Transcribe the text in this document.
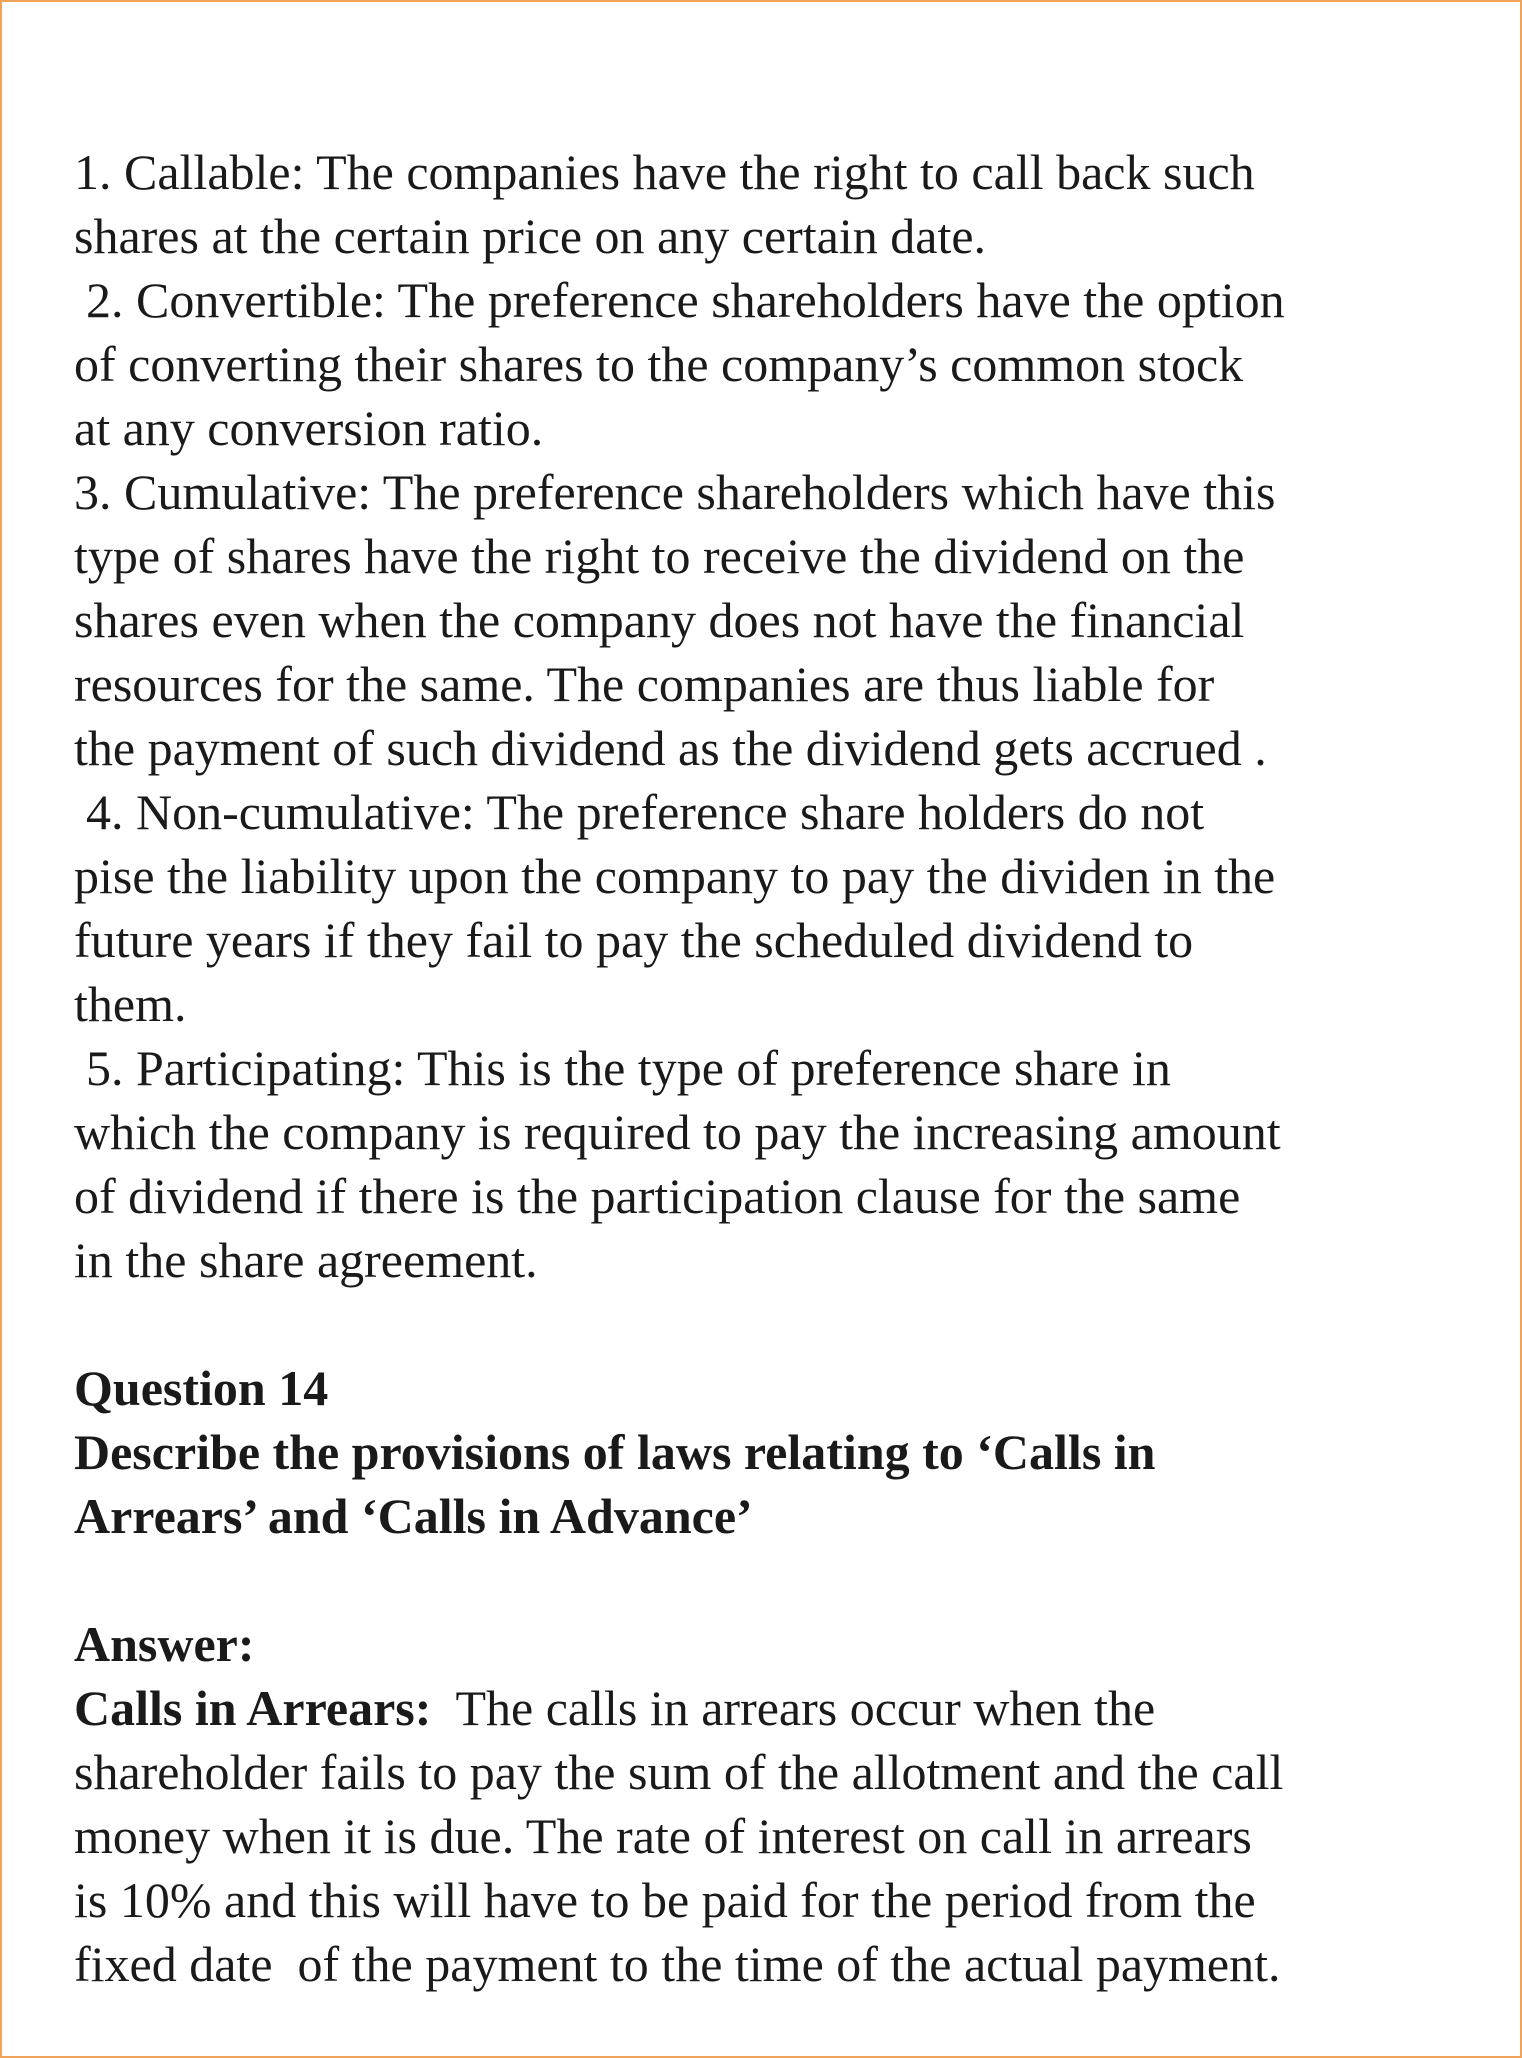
1. Callable: The companies have the right to call back such
shares at the certain price on any certain date.
2. Convertible: The preference shareholders have the option
of converting their shares to the company’s common stock
at any conversion ratio.
3. Cumulative: The preference shareholders which have this
type of shares have the right to receive the dividend on the
shares even when the company does not have the financial
resources for the same. The companies are thus liable for
the payment of such dividend as the dividend gets accrued .
4. Non-cumulative: The preference share holders do not
pise the liability upon the company to pay the dividen in the
future years if they fail to pay the scheduled dividend to
them.
5. Participating: This is the type of preference share in
which the company is required to pay the increasing amount
of dividend if there is the participation clause for the same
in the share agreement.
Question 14
Describe the provisions of laws relating to ‘Calls in
Arrears’ and ‘Calls in Advance’
Answer:
Calls in Arrears:  The calls in arrears occur when the
shareholder fails to pay the sum of the allotment and the call
money when it is due. The rate of interest on call in arrears
is 10% and this will have to be paid for the period from the
fixed date  of the payment to the time of the actual payment.
